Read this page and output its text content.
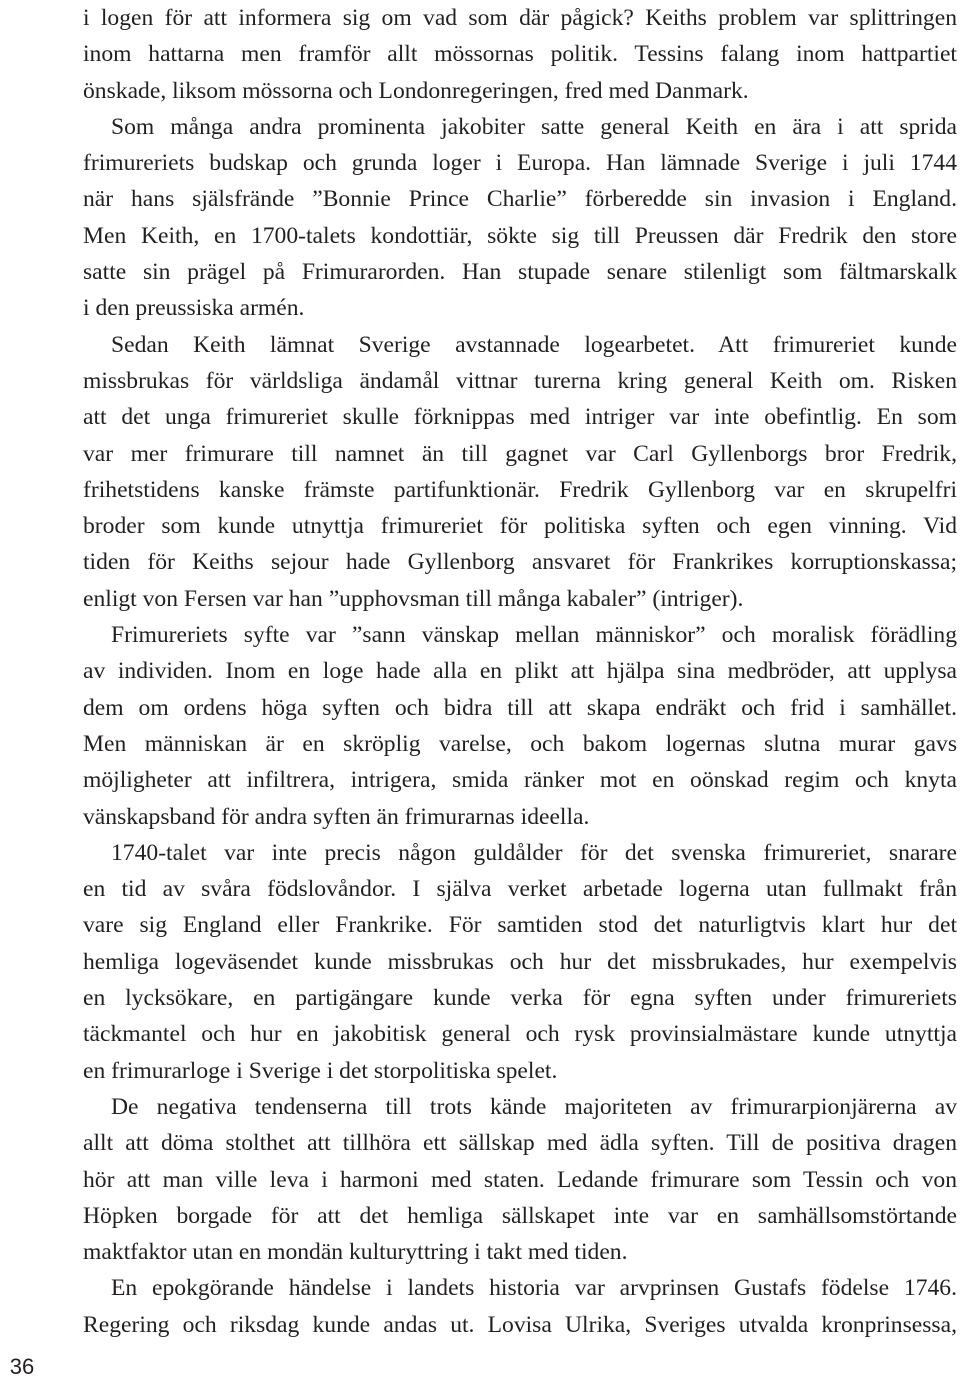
i logen för att informera sig om vad som där pågick? Keiths problem var splittringen
inom hattarna men framför allt mössornas politik. Tessins falang inom hattpartiet
önskade, liksom mössorna och Londonregeringen, fred med Danmark.
Som många andra prominenta jakobiter satte general Keith en ära i att sprida
frimureriets budskap och grunda loger i Europa. Han lämnade Sverige i juli 1744
när hans själsfrände ”Bonnie Prince Charlie” förberedde sin invasion i England.
Men Keith, en 1700-talets kondottiär, sökte sig till Preussen där Fredrik den store
satte sin prägel på Frimurarorden. Han stupade senare stilenligt som fältmarskalk
i den preussiska armén.
Sedan Keith lämnat Sverige avstannade logearbetet. Att frimureriet kunde
missbrukas för världsliga ändamål vittnar turerna kring general Keith om. Risken
att det unga frimureriet skulle förknippas med intriger var inte obefintlig. En som
var mer frimurare till namnet än till gagnet var Carl Gyllenborgs bror Fredrik,
frihetstidens kanske främste partifunktionär. Fredrik Gyllenborg var en skrupelfri
broder som kunde utnyttja frimureriet för politiska syften och egen vinning. Vid
tiden för Keiths sejour hade Gyllenborg ansvaret för Frankrikes korruptionskassa;
enligt von Fersen var han ”upphovsman till många kabaler” (intriger).
Frimureriets syfte var ”sann vänskap mellan människor” och moralisk förädling
av individen. Inom en loge hade alla en plikt att hjälpa sina medbröder, att upplysa
dem om ordens höga syften och bidra till att skapa endräkt och frid i samhället.
Men människan är en skröplig varelse, och bakom logernas slutna murar gavs
möjligheter att infiltrera, intrigera, smida ränker mot en oönskad regim och knyta
vänskapsband för andra syften än frimurarnas ideella.
1740-talet var inte precis någon guldålder för det svenska frimureriet, snarare
en tid av svåra födslovåndor. I själva verket arbetade logerna utan fullmakt från
vare sig England eller Frankrike. För samtiden stod det naturligtvis klart hur det
hemliga logeväsendet kunde missbrukas och hur det missbrukades, hur exempelvis
en lycksökare, en partigängare kunde verka för egna syften under frimureriets
täckmantel och hur en jakobitisk general och rysk provinsialmästare kunde utnyttja
en frimurarloge i Sverige i det storpolitiska spelet.
De negativa tendenserna till trots kände majoriteten av frimurarpionjärerna av
allt att döma stolthet att tillhöra ett sällskap med ädla syften. Till de positiva dragen
hör att man ville leva i harmoni med staten. Ledande frimurare som Tessin och von
Höpken borgade för att det hemliga sällskapet inte var en samhällsomstörtande
maktfaktor utan en mondän kulturyttring i takt med tiden.
En epokgörande händelse i landets historia var arvprinsen Gustafs födelse 1746.
Regering och riksdag kunde andas ut. Lovisa Ulrika, Sveriges utvalda kronprinsessa,
36
